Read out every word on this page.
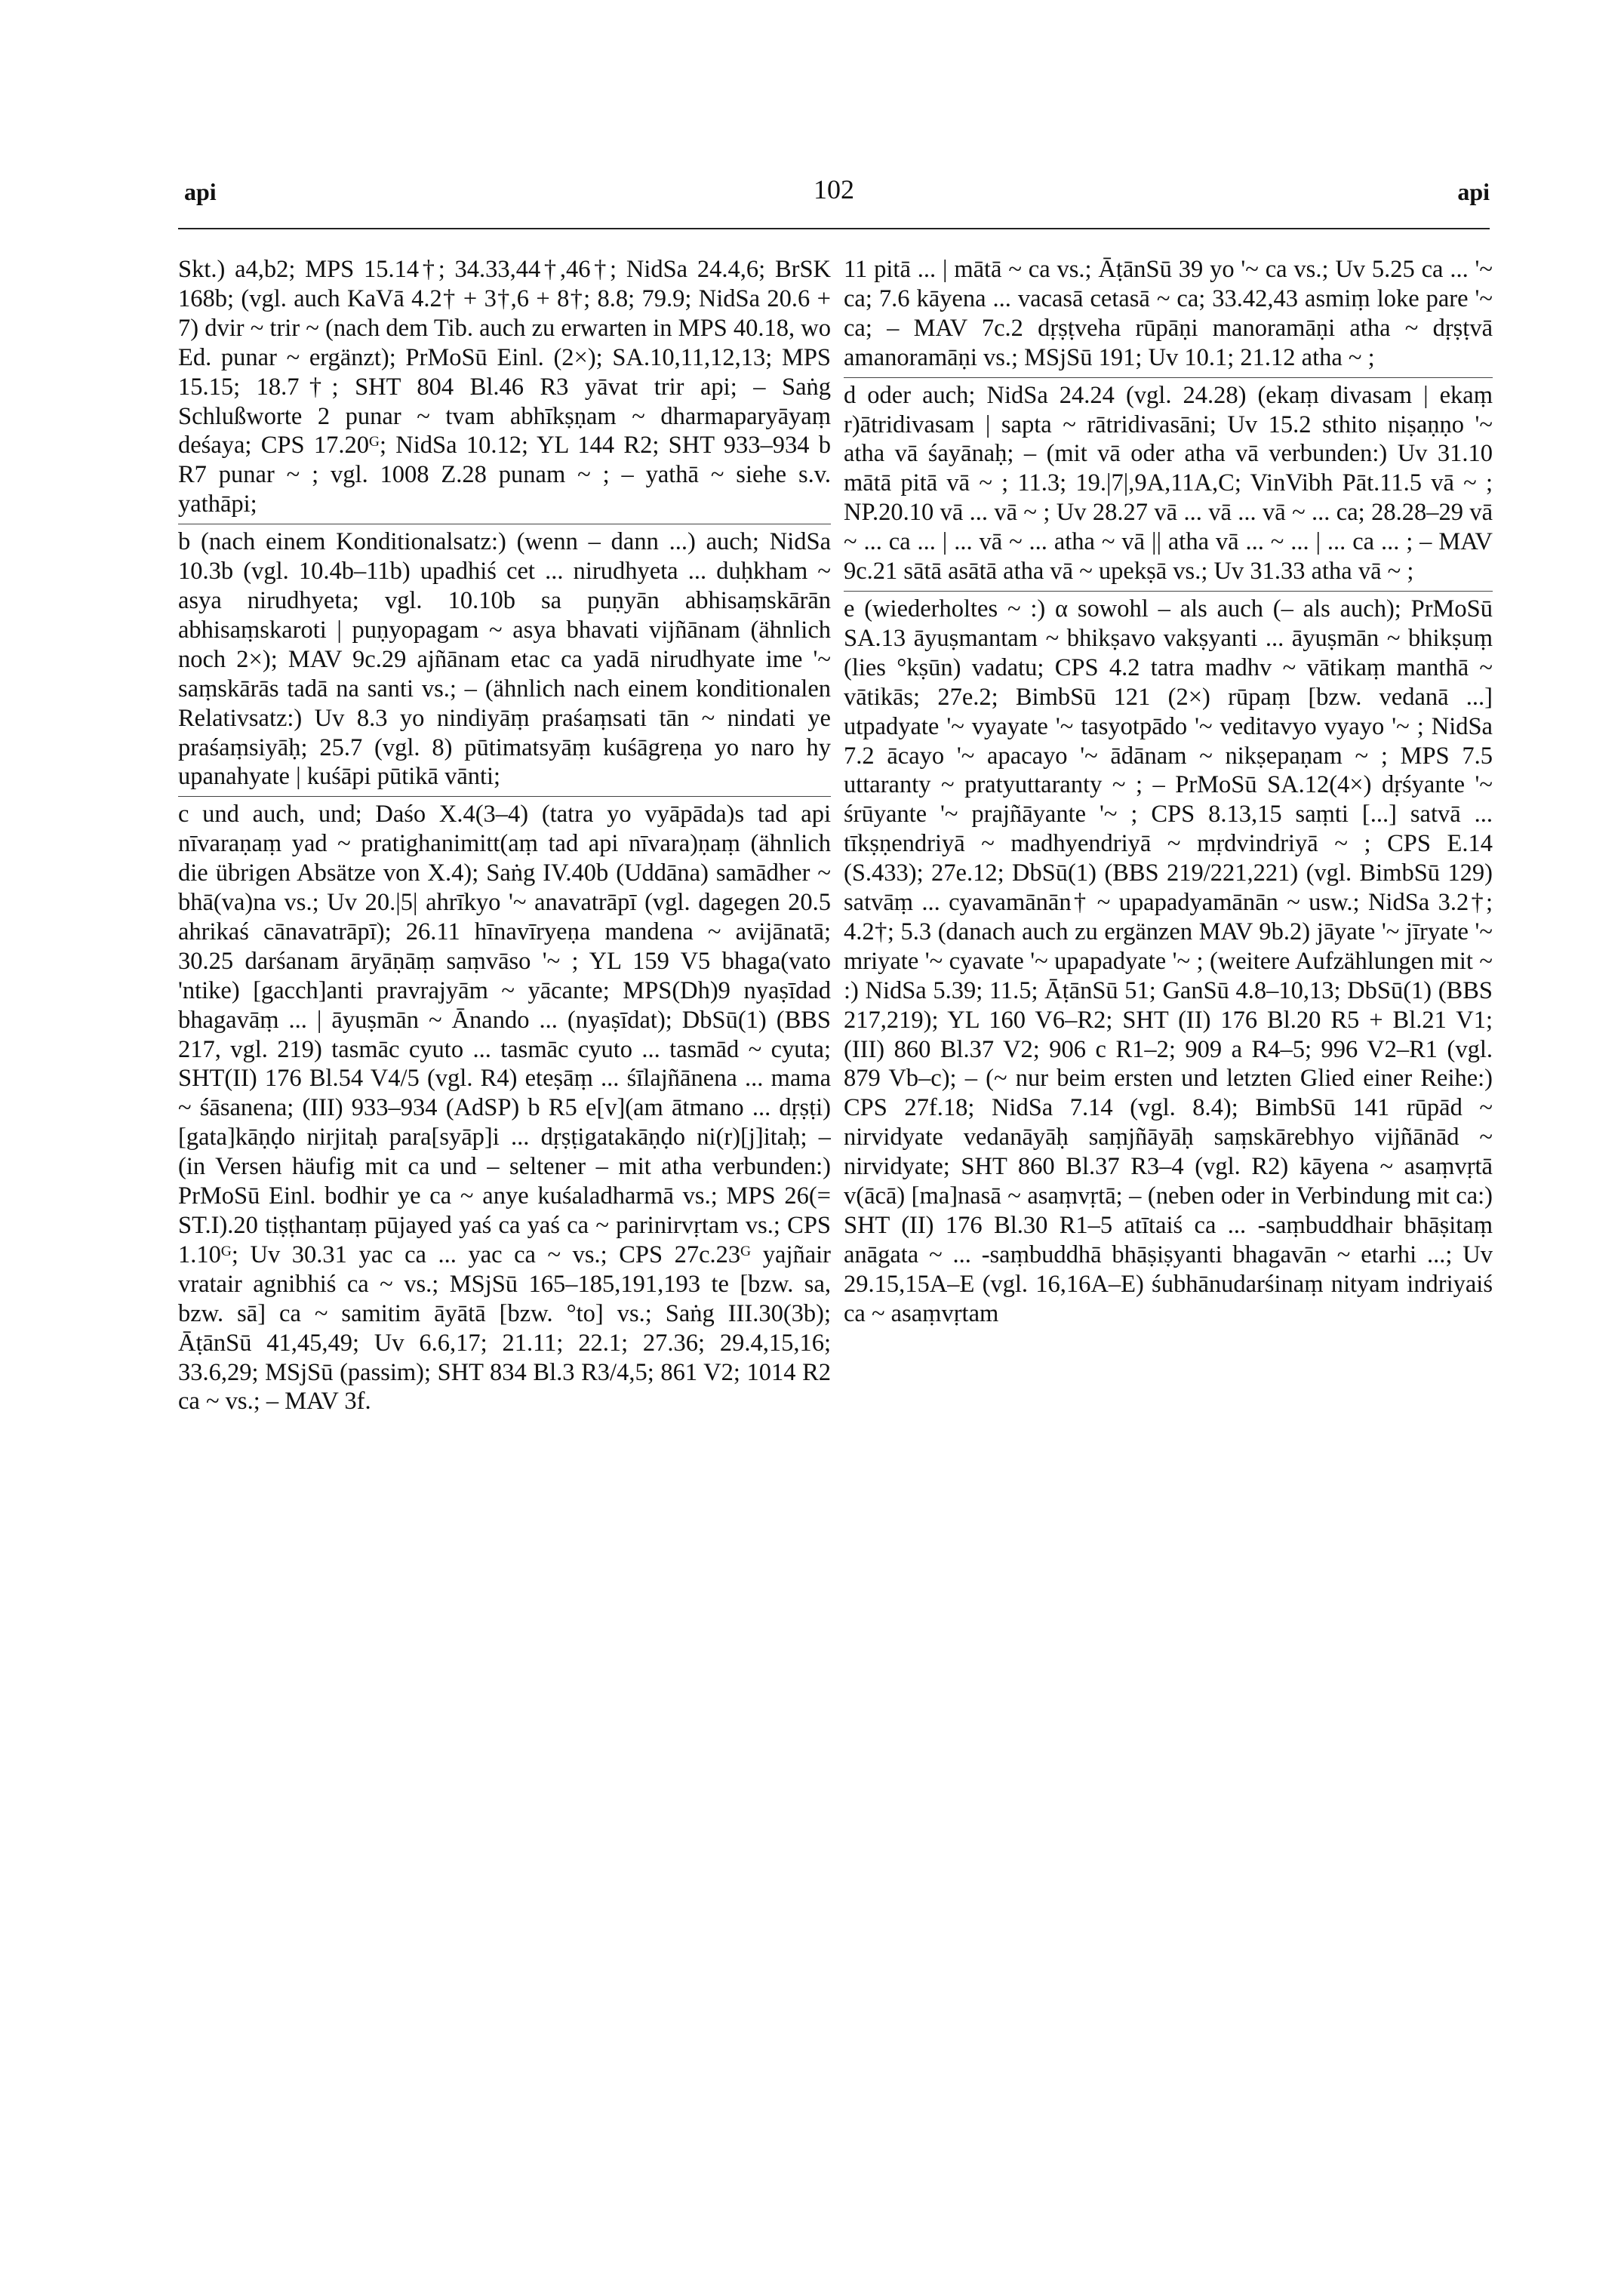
api	102	api

Skt.) a4,b2; MPS 15.14†; 34.33,44†,46†; NidSa 24.4,6; BrSK 168b; (vgl. auch KaVā 4.2† + 3†,6 + 8†; 8.8; 79.9; NidSa 20.6 + 7) dvir ~ trir ~ (nach dem Tib. auch zu erwarten in MPS 40.18, wo Ed. punar ~ ergänzt); PrMoSū Einl. (2×); SA.10,11,12,13; MPS 15.15; 18.7†; SHT 804 Bl.46 R3 yāvat trir api; – Saṅg Schlußworte 2 punar ~ tvam abhīkṣṇam ~ dharmaparyāyaṃ deśaya; CPS 17.20ᴳ; NidSa 10.12; YL 144 R2; SHT 933–934 b R7 punar ~ ; vgl. 1008 Z.28 punam ~ ; – yathā ~ siehe s.v. yathāpi;

b (nach einem Konditionalsatz:) (wenn – dann ...) auch; NidSa 10.3b (vgl. 10.4b–11b) upadhiś cet ... nirudhyeta ... duḥkham ~ asya nirudhyeta; vgl. 10.10b sa puṇyān abhisaṃskārān abhisaṃskaroti | puṇyopagam ~ asya bhavati vijñānam (ähnlich noch 2×); MAV 9c.29 ajñānam etac ca yadā nirudhyate ime '~ saṃskārās tadā na santi vs.; – (ähnlich nach einem konditionalen Relativsatz:) Uv 8.3 yo nindiyāṃ praśaṃsati tān ~ nindati ye praśaṃsiyāḥ; 25.7 (vgl. 8) pūtimatsyāṃ kuśāgreṇa yo naro hy upanahyate | kuśāpi pūtikā vānti;

c und auch, und; Daśo X.4(3–4) (tatra yo vyāpāda)s tad api nīvaraṇaṃ yad ~ pratighanimitt(aṃ tad api nīvara)ṇaṃ (ähnlich die übrigen Absätze von X.4); Saṅg IV.40b (Uddāna) samādher ~ bhā(va)na vs.; Uv 20.|5| ahrīkyo '~ anavatrāpī (vgl. dagegen 20.5 ahrikaś cānavatrāpī); 26.11 hīnavīryeṇa mandena ~ avijānatā; 30.25 darśanam āryāṇāṃ saṃvāso '~ ; YL 159 V5 bhaga(vato 'ntike) [gacch]anti pravrajyām ~ yācante; MPS(Dh)9 nyaṣīdad bhagavāṃ ... | āyuṣmān ~ Ānando ... (nyaṣīdat); DbSū(1) (BBS 217, vgl. 219) tasmāc cyuto ... tasmāc cyuto ... tasmād ~ cyuta; SHT(II) 176 Bl.54 V4/5 (vgl. R4) eteṣāṃ ... śīlajñānena ... mama ~ śāsanena; (III) 933–934 (AdSP) b R5 e[v](am ātmano ... dṛṣṭi)[gata]kāṇḍo nirjitaḥ para[syāp]i ... dṛṣṭigatakāṇḍo ni(r)[j]itaḥ; – (in Versen häufig mit ca und – seltener – mit atha verbunden:) PrMoSū Einl. bodhir ye ca ~ anye kuśaladharmā vs.; MPS 26(= ST.I).20 tiṣṭhantaṃ pūjayed yaś ca yaś ca ~ parinirvṛtam vs.; CPS 1.10ᴳ; Uv 30.31 yac ca ... yac ca ~ vs.; CPS 27c.23ᴳ yajñair vratair agnibhiś ca ~ vs.; MSjSū 165–185,191,193 te [bzw. sa, bzw. sā] ca ~ samitim āyātā [bzw. °to] vs.; Saṅg III.30(3b); ĀṭānSū 41,45,49; Uv 6.6,17; 21.11; 22.1; 27.36; 29.4,15,16; 33.6,29; MSjSū (passim); SHT 834 Bl.3 R3/4,5; 861 V2; 1014 R2 ca ~ vs.; – MAV 3f.

11 pitā ... | mātā ~ ca vs.; ĀṭānSū 39 yo '~ ca vs.; Uv 5.25 ca ... '~ ca; 7.6 kāyena ... vacasā cetasā ~ ca; 33.42,43 asmiṃ loke pare '~ ca; – MAV 7c.2 dṛṣṭveha rūpāṇi manoramāṇi atha ~ dṛṣṭvā amanoramāṇi vs.; MSjSū 191; Uv 10.1; 21.12 atha ~ ;

d oder auch; NidSa 24.24 (vgl. 24.28) (ekaṃ divasam | ekaṃ r)ātridivasam | sapta ~ rātridivasāni; Uv 15.2 sthito niṣaṇṇo '~ atha vā śayānaḥ; – (mit vā oder atha vā verbunden:) Uv 31.10 mātā pitā vā ~ ; 11.3; 19.|7|,9A,11A,C; VinVibh Pāt.11.5 vā ~ ; NP.20.10 vā ... vā ~ ; Uv 28.27 vā ... vā ... vā ~ ... ca; 28.28–29 vā ~ ... ca ... | ... vā ~ ... atha ~ vā || atha vā ... ~ ... | ... ca ... ; – MAV 9c.21 sātā asātā atha vā ~ upekṣā vs.; Uv 31.33 atha vā ~ ;

e (wiederholtes ~ :) α sowohl – als auch (– als auch); PrMoSū SA.13 āyuṣmantam ~ bhikṣavo vakṣyanti ... āyuṣmān ~ bhikṣuṃ (lies °kṣūn) vadatu; CPS 4.2 tatra madhv ~ vātikaṃ manthā ~ vātikās; 27e.2; BimbSū 121 (2×) rūpaṃ [bzw. vedanā ...] utpadyate '~ vyayate '~ tasyotpādo '~ veditavyo vyayo '~ ; NidSa 7.2 ācayo '~ apacayo '~ ādānam ~ nikṣepaṇam ~ ; MPS 7.5 uttaranty ~ pratyuttaranty ~ ; – PrMoSū SA.12(4×) dṛśyante '~ śrūyante '~ prajñāyante '~ ; CPS 8.13,15 saṃti [...] satvā ... tīkṣṇendriyā ~ madhyendriyā ~ mṛdvindriyā ~ ; CPS E.14 (S.433); 27e.12; DbSū(1) (BBS 219/221,221) (vgl. BimbSū 129) satvāṃ ... cyavamānān† ~ upapadyamānān ~ usw.; NidSa 3.2†; 4.2†; 5.3 (danach auch zu ergänzen MAV 9b.2) jāyate '~ jīryate '~ mriyate '~ cyavate '~ upapadyate '~ ; (weitere Aufzählungen mit ~ :) NidSa 5.39; 11.5; ĀṭānSū 51; GanSū 4.8–10,13; DbSū(1) (BBS 217,219); YL 160 V6–R2; SHT (II) 176 Bl.20 R5 + Bl.21 V1; (III) 860 Bl.37 V2; 906 c R1–2; 909 a R4–5; 996 V2–R1 (vgl. 879 Vb–c); – (~ nur beim ersten und letzten Glied einer Reihe:) CPS 27f.18; NidSa 7.14 (vgl. 8.4); BimbSū 141 rūpād ~ nirvidyate vedanāyāḥ saṃjñāyāḥ saṃskārebhyo vijñānād ~ nirvidyate; SHT 860 Bl.37 R3–4 (vgl. R2) kāyena ~ asaṃvṛtā v(ācā) [ma]nasā ~ asaṃvṛtā; – (neben oder in Verbindung mit ca:) SHT (II) 176 Bl.30 R1–5 atītaiś ca ... -saṃbuddhair bhāṣitaṃ anāgata ~ ... -saṃbuddhā bhāṣiṣyanti bhagavān ~ etarhi ...; Uv 29.15,15A–E (vgl. 16,16A–E) śubhānudarśinaṃ nityam indriyaiś ca ~ asaṃvṛtam
